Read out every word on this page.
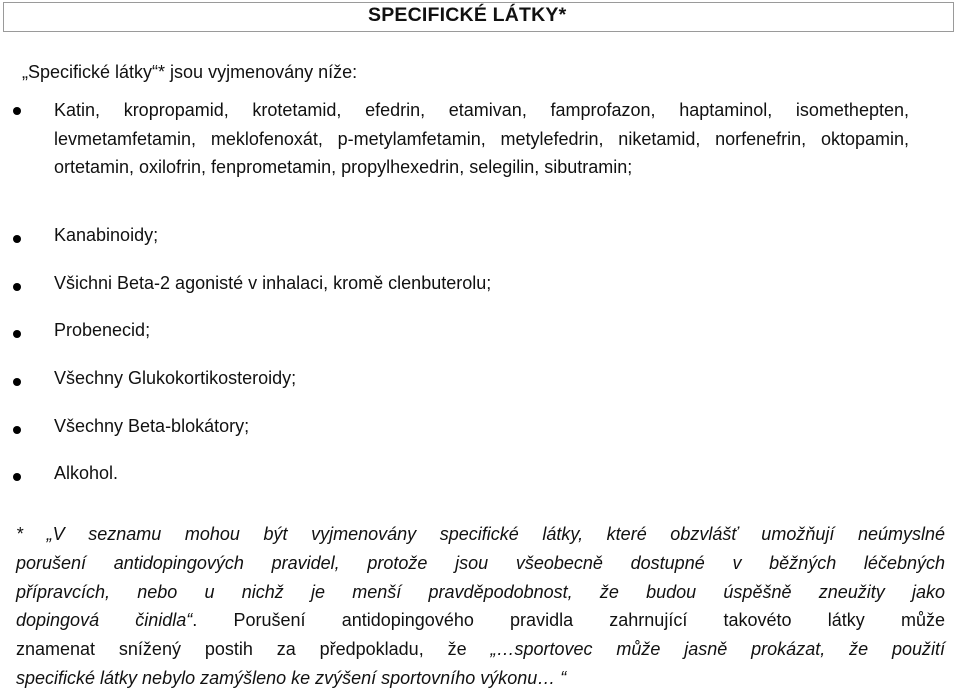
SPECIFICKÉ LÁTKY*
„Specifické látky“* jsou vyjmenovány níže:
Katin, kropropamid, krotetamid, efedrin, etamivan, famprofazon, haptaminol, isomethepten, levmetamfetamin, meklofenoxát, p-metylamfetamin, metylefedrin, niketamid, norfenefrin, oktopamin, ortetamin, oxilofrin, fenprometamin, propylhexedrin, selegilin, sibutramin;
Kanabinoidy;
Všichni Beta-2 agonisté v inhalaci, kromě clenbuterolu;
Probenecid;
Všechny Glukokortikosteroidy;
Všechny Beta-blokátory;
Alkohol.
* „V seznamu mohou být vyjmenovány specifické látky, které obzvlášť umožňují neúmyslné
porušení antidopingových pravidel, protože jsou všeobecně dostupné v běžných léčebných
přípravcích, nebo u nichž je menší pravděpodobnost, že budou úspěšně zneužity jako
dopingová činidla“. Porušení antidopingového pravidla zahrnující takovéto látky může
znamenat snížený postih za předpokladu, že „…sportovec může jasně prokázat, že použití
specifické látky nebylo zamýšleno ke zvýšení sportovního výkonu… “
